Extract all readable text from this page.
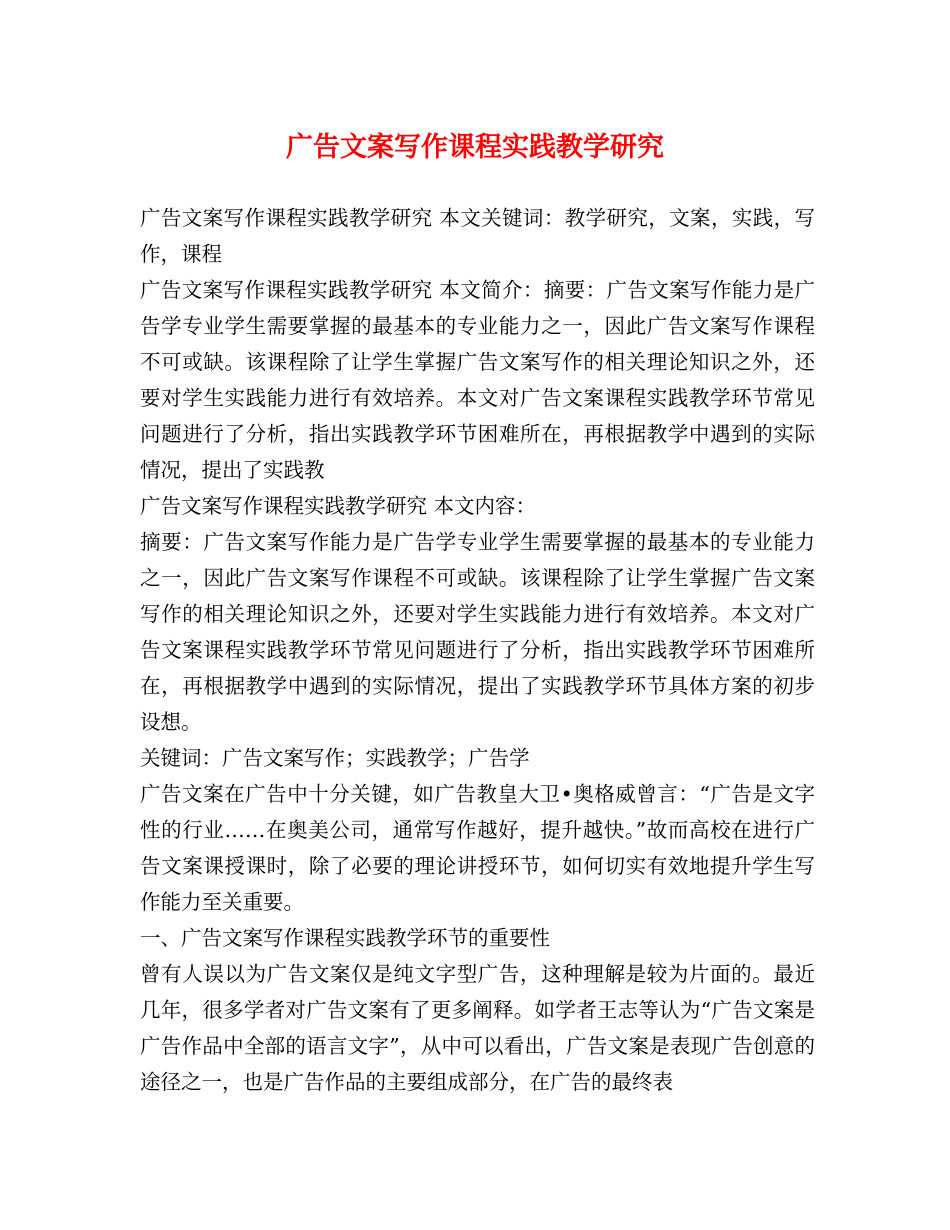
广告文案写作课程实践教学研究

广告文案写作课程实践教学研究 本文关键词：教学研究，文案，实践，写作，课程

广告文案写作课程实践教学研究 本文简介：摘要：广告文案写作能力是广告学专业学生需要掌握的最基本的专业能力之一，因此广告文案写作课程不可或缺。该课程除了让学生掌握广告文案写作的相关理论知识之外，还要对学生实践能力进行有效培养。本文对广告文案课程实践教学环节常见问题进行了分析，指出实践教学环节困难所在，再根据教学中遇到的实际情况，提出了实践教

广告文案写作课程实践教学研究 本文内容：

摘要：广告文案写作能力是广告学专业学生需要掌握的最基本的专业能力之一，因此广告文案写作课程不可或缺。该课程除了让学生掌握广告文案写作的相关理论知识之外，还要对学生实践能力进行有效培养。本文对广告文案课程实践教学环节常见问题进行了分析，指出实践教学环节困难所在，再根据教学中遇到的实际情况，提出了实践教学环节具体方案的初步设想。

关键词：广告文案写作；实践教学；广告学

广告文案在广告中十分关键，如广告教皇大卫•奥格威曾言：“广告是文字性的行业……在奥美公司，通常写作越好，提升越快。”故而高校在进行广告文案课授课时，除了必要的理论讲授环节，如何切实有效地提升学生写作能力至关重要。

一、广告文案写作课程实践教学环节的重要性

曾有人误以为广告文案仅是纯文字型广告，这种理解是较为片面的。最近几年，很多学者对广告文案有了更多阐释。如学者王志等认为“广告文案是广告作品中全部的语言文字”，从中可以看出，广告文案是表现广告创意的途径之一，也是广告作品的主要组成部分，在广告的最终表
